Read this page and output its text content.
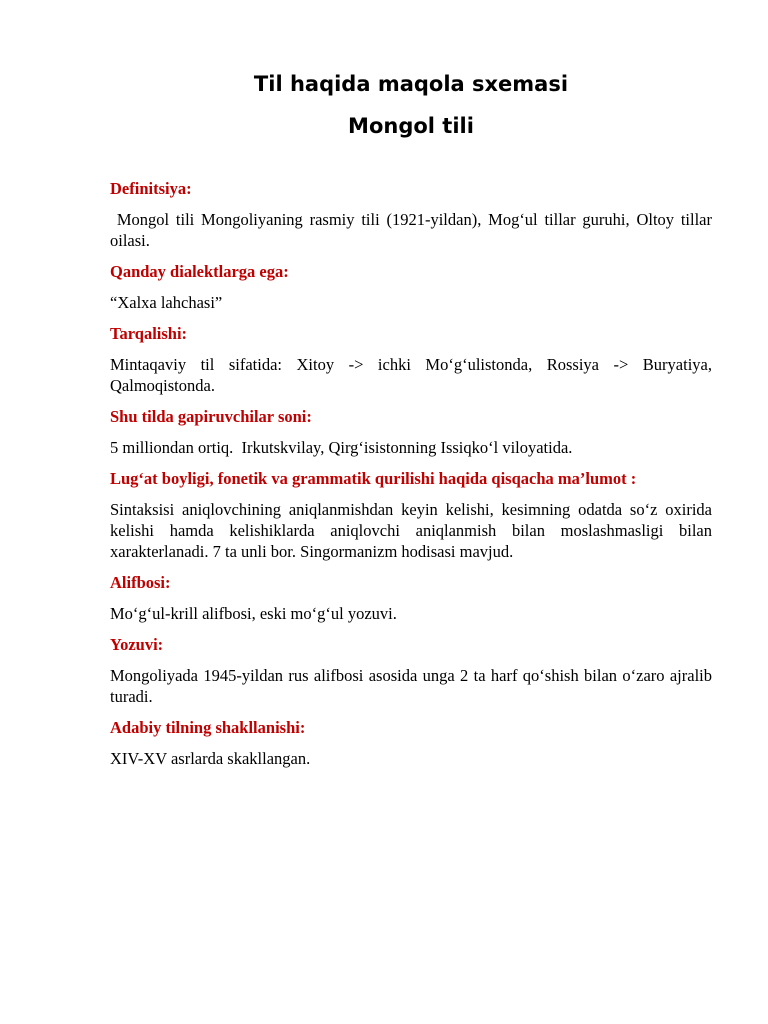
Til haqida maqola sxemasi
Mongol tili
Definitsiya:
Mongol tili Mongoliyaning rasmiy tili (1921-yildan), Mog‘ul tillar guruhi, Oltoy tillar oilasi.
Qanday dialektlarga ega:
“Xalxa lahchasi”
Tarqalishi:
Mintaqaviy til sifatida: Xitoy -> ichki Mo‘g‘ulistonda, Rossiya -> Buryatiya, Qalmoqistonda.
Shu tilda gapiruvchilar soni:
5 milliondan ortiq.  Irkutskvilay, Qirg‘isistonning Issiqko‘l viloyatida.
Lug‘at boyligi, fonetik va grammatik qurilishi haqida qisqacha ma’lumot :
Sintaksisi aniqlovchining aniqlanmishdan keyin kelishi, kesimning odatda so‘z oxirida kelishi hamda kelishiklarda aniqlovchi aniqlanmish bilan moslashmasligi bilan xarakterlanadi. 7 ta unli bor. Singormanizm hodisasi mavjud.
Alifbosi:
Mo‘g‘ul-krill alifbosi, eski mo‘g‘ul yozuvi.
Yozuvi:
Mongoliyada 1945-yildan rus alifbosi asosida unga 2 ta harf qo‘shish bilan o‘zaro ajralib turadi.
Adabiy tilning shakllanishi:
XIV-XV asrlarda skakllangan.
